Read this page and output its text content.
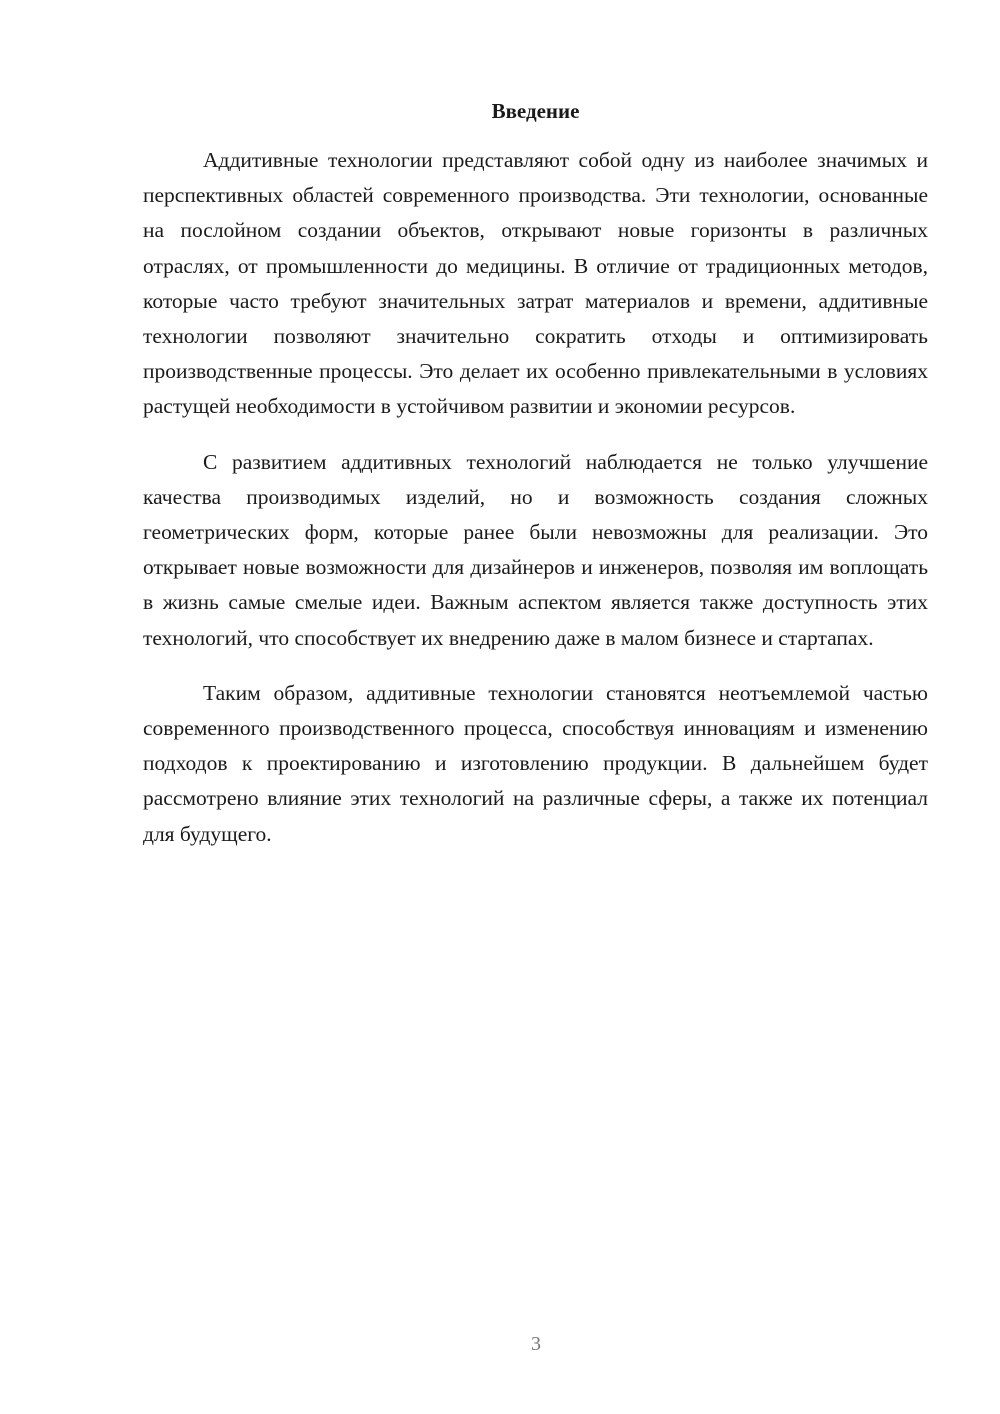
Введение

Аддитивные технологии представляют собой одну из наиболее значимых и перспективных областей современного производства. Эти технологии, основанные на послойном создании объектов, открывают новые горизонты в различных отраслях, от промышленности до медицины. В отличие от традиционных методов, которые часто требуют значительных затрат материалов и времени, аддитивные технологии позволяют значительно сократить отходы и оптимизировать производственные процессы. Это делает их особенно привлекательными в условиях растущей необходимости в устойчивом развитии и экономии ресурсов.

С развитием аддитивных технологий наблюдается не только улучшение качества производимых изделий, но и возможность создания сложных геометрических форм, которые ранее были невозможны для реализации. Это открывает новые возможности для дизайнеров и инженеров, позволяя им воплощать в жизнь самые смелые идеи. Важным аспектом является также доступность этих технологий, что способствует их внедрению даже в малом бизнесе и стартапах.

Таким образом, аддитивные технологии становятся неотъемлемой частью современного производственного процесса, способствуя инновациям и изменению подходов к проектированию и изготовлению продукции. В дальнейшем будет рассмотрено влияние этих технологий на различные сферы, а также их потенциал для будущего.

3
